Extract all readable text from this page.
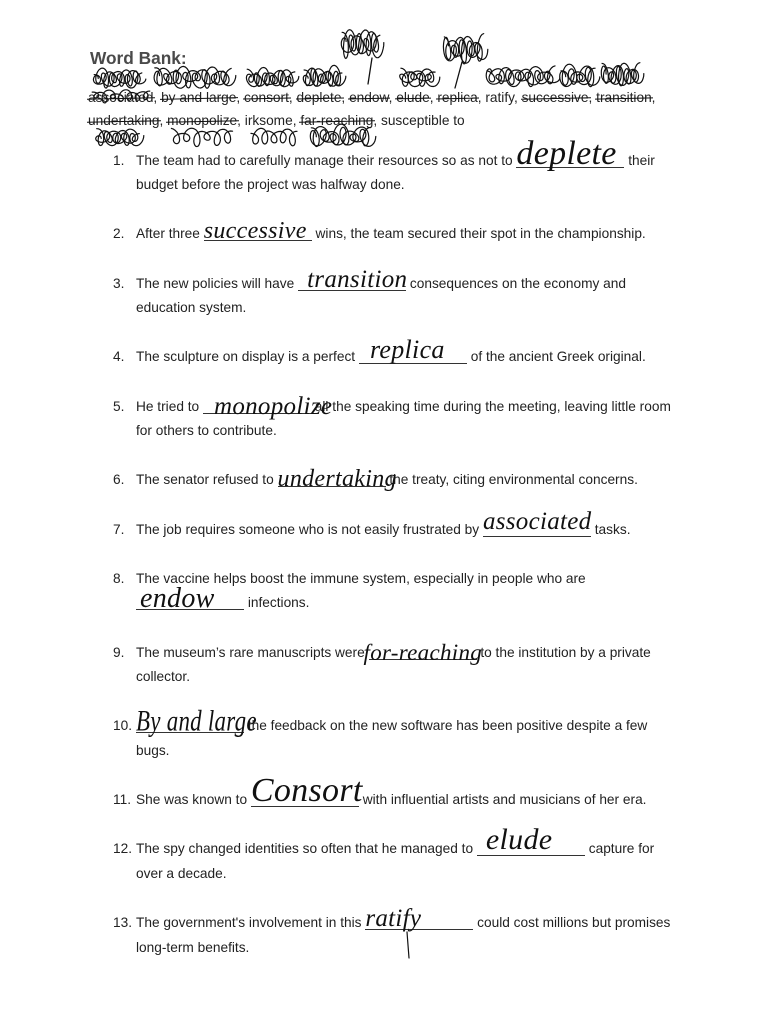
Word Bank:
associated, by and large, consort, deplete, endow, elude, replica, ratify, successive, transition,
undertaking, monopolize, irksome, far-reaching, susceptible to
1. The team had to carefully manage their resources so as not to deplete their
budget before the project was halfway done.
2. After three successive wins, the team secured their spot in the championship.
3. The new policies will have transition consequences on the economy and
education system.
4. The sculpture on display is a perfect replica of the ancient Greek original.
5. He tried to monopolize
all the speaking time during the meeting, leaving little room
for others to contribute.
6. The senator refused to undertaking
the treaty, citing environmental concerns.
7. The job requires someone who is not easily frustrated by associated tasks.
8. The vaccine helps boost the immune system, especially in people who are
endow infections.
9. The museum’s rare manuscripts were
for-reaching
to the institution by a private
collector.
10. By and large
the feedback on the new software has been positive despite a few
bugs.
11. She was known to Consort with influential artists and musicians of her era.
12. The spy changed identities so often that he managed to elude	capture for
over a decade.
13. The government's involvement in this ratify	could cost millions but promises
long-term benefits.
